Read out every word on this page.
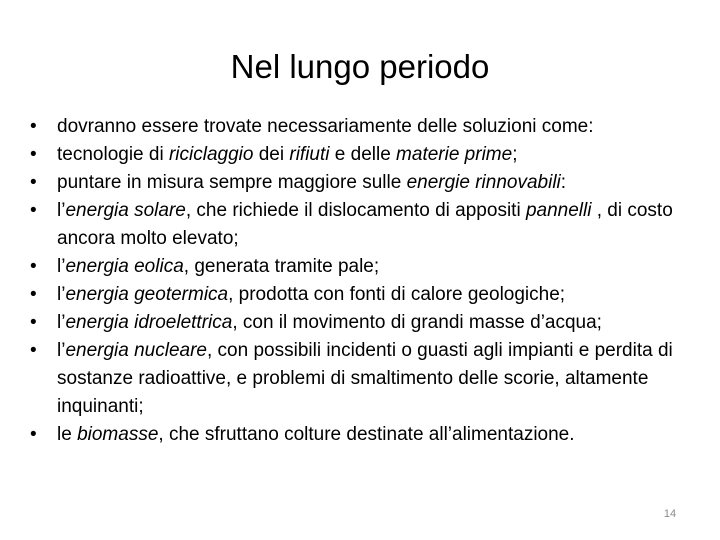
Nel lungo periodo
•	dovranno essere trovate necessariamente delle soluzioni come:
•	tecnologie di riciclaggio dei rifiuti e delle materie prime;
•	puntare in misura sempre maggiore sulle energie rinnovabili:
•	l’energia solare, che richiede il dislocamento di appositi pannelli , di costo ancora molto elevato;
•	l’energia eolica, generata tramite pale;
•	l’energia geotermica, prodotta con fonti di calore geologiche;
•	l’energia idroelettrica, con il movimento di grandi masse d’acqua;
•	l’energia nucleare, con possibili incidenti o guasti agli impianti e perdita di sostanze radioattive, e problemi di smaltimento delle scorie, altamente inquinanti;
•	le biomasse, che sfruttano colture destinate all’alimentazione.
14
